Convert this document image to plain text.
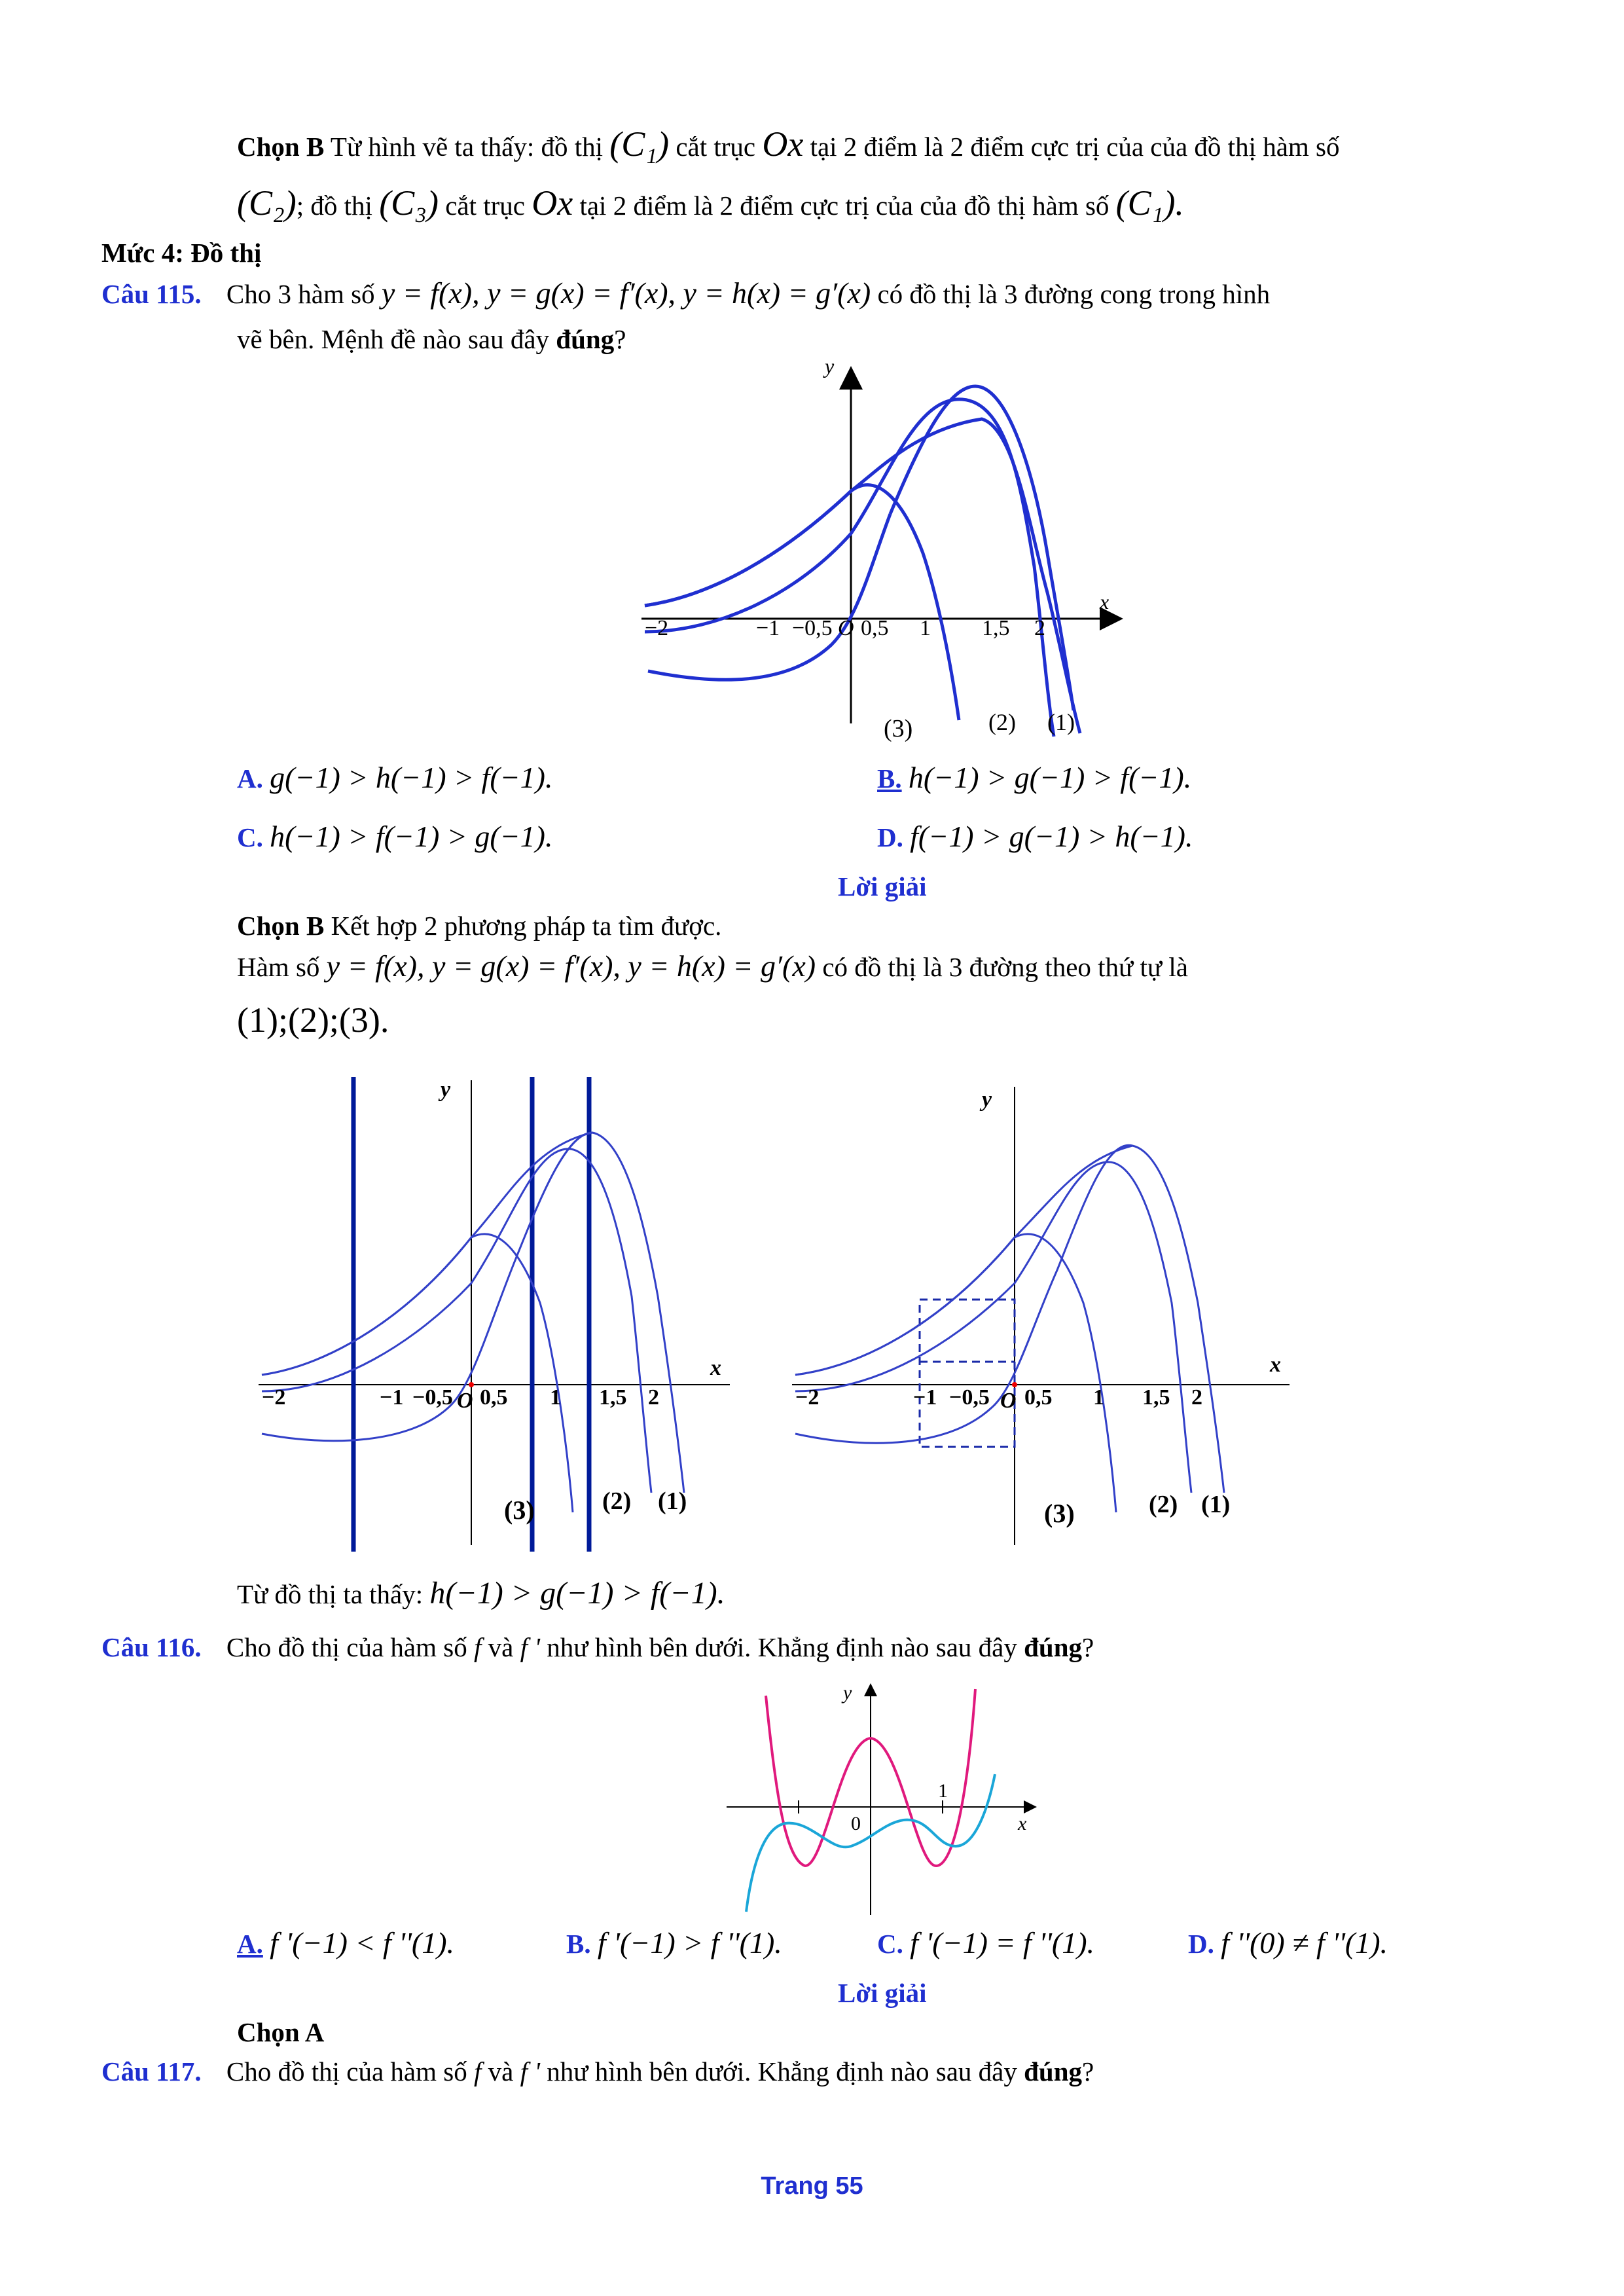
Chọn B Từ hình vẽ ta thấy: đồ thị (C₁) cắt trục Ox tại 2 điểm là 2 điểm cực trị của của đồ thị hàm số
(C₂); đồ thị (C₃) cắt trục Ox tại 2 điểm là 2 điểm cực trị của của đồ thị hàm số (C₁).
Mức 4: Đồ thị
Câu 115. Cho 3 hàm số y = f(x), y = g(x) = f′(x), y = h(x) = g′(x) có đồ thị là 3 đường cong trong hình
vẽ bên. Mệnh đề nào sau đây đúng?
−2	−1 −0,5 O 0,5 1 1,5 2
y
x
(3)	(2) (1)
A. g(−1) > h(−1) > f(−1).	B. h(−1) > g(−1) > f(−1).
C. h(−1) > f(−1) > g(−1).	D. f(−1) > g(−1) > h(−1).
Lời giải
Chọn B Kết hợp 2 phương pháp ta tìm được.
Hàm số y = f(x), y = g(x) = f′(x), y = h(x) = g′(x) có đồ thị là 3 đường theo thứ tự là
(1);(2);(3).
−2	−1 −0,5 O 0,5 1 1,5 2
y
x
(3)	(2) (1)
−2	−1 −0,5 O 0,5 1 1,5 2
y
x
(3)	(2) (1)
Từ đồ thị ta thấy: h(−1) > g(−1) > f(−1).
Câu 116. Cho đồ thị của hàm số f và f ' như hình bên dưới. Khẳng định nào sau đây đúng?
y
x
0
1
A. f '(−1) < f ''(1).	B. f '(−1) > f ''(1).	C. f '(−1) = f ''(1).	D. f ''(0) ≠ f ''(1).
Lời giải
Chọn A
Câu 117. Cho đồ thị của hàm số f và f ' như hình bên dưới. Khẳng định nào sau đây đúng?
Trang 55
